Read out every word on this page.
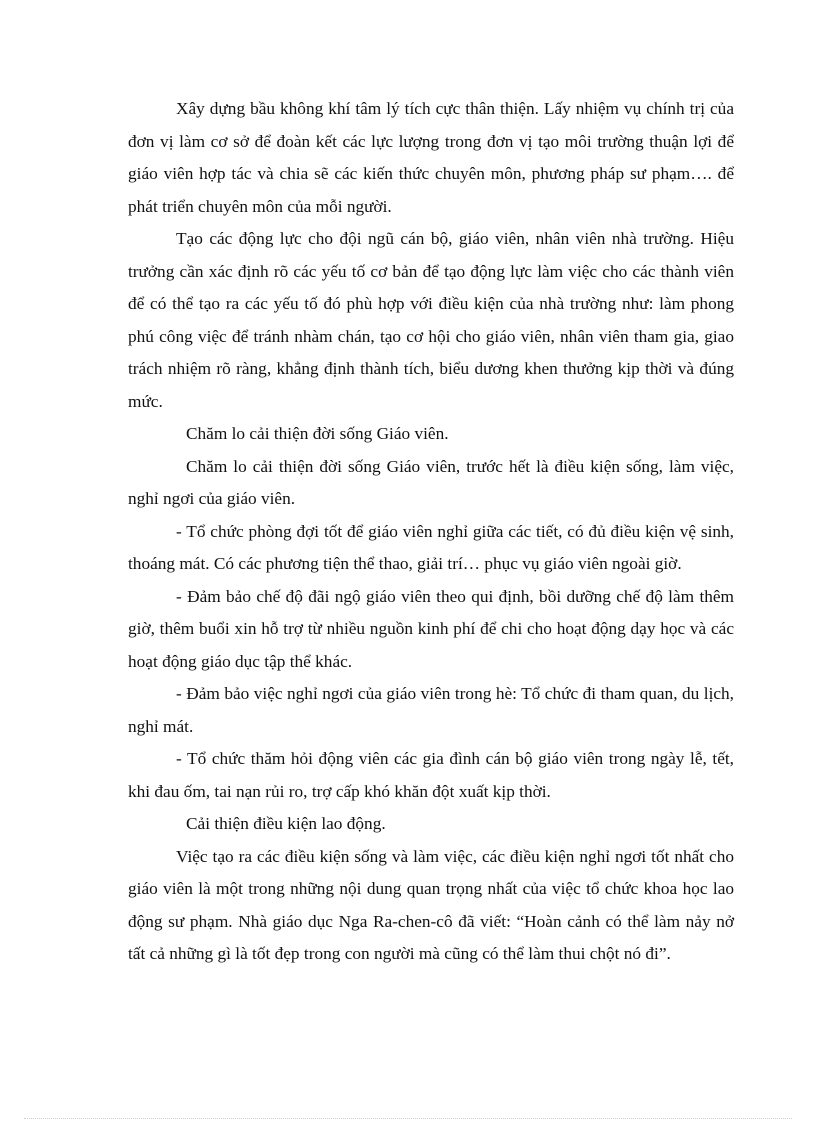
Xây dựng bầu không khí tâm lý tích cực thân thiện. Lấy nhiệm vụ chính trị của đơn vị làm cơ sở để đoàn kết các lực lượng trong đơn vị tạo môi trường thuận lợi để giáo viên hợp tác và chia sẽ các kiến thức chuyên môn, phương pháp sư phạm…. để phát triển chuyên môn của mỗi người.

Tạo các động lực cho đội ngũ cán bộ, giáo viên, nhân viên nhà trường. Hiệu trưởng cần xác định rõ các yếu tố cơ bản để tạo động lực làm việc cho các thành viên để có thể tạo ra các yếu tố đó phù hợp với điều kiện của nhà trường như: làm phong phú công việc để tránh nhàm chán, tạo cơ hội cho giáo viên, nhân viên tham gia, giao trách nhiệm rõ ràng, khẳng định thành tích, biểu dương khen thưởng kịp thời và đúng mức.

Chăm lo cải thiện đời sống Giáo viên.

Chăm lo cải thiện đời sống Giáo viên, trước hết là điều kiện sống, làm việc, nghỉ ngơi của giáo viên.

- Tổ chức phòng đợi tốt để giáo viên nghỉ giữa các tiết, có đủ điều kiện vệ sinh, thoáng mát. Có các phương tiện thể thao, giải trí… phục vụ giáo viên ngoài giờ.

- Đảm bảo chế độ đãi ngộ giáo viên theo qui định, bồi dưỡng chế độ làm thêm giờ, thêm buổi xin hỗ trợ từ nhiều nguồn kinh phí để chi cho hoạt động dạy học và các hoạt động giáo dục tập thể khác.

- Đảm bảo việc nghỉ ngơi của giáo viên trong hè: Tổ chức đi tham quan, du lịch, nghỉ mát.

- Tổ chức thăm hỏi động viên các gia đình cán bộ giáo viên trong ngày lễ, tết, khi đau ốm, tai nạn rủi ro, trợ cấp khó khăn đột xuất kịp thời.

Cải thiện điều kiện lao động.

Việc tạo ra các điều kiện sống và làm việc, các điều kiện nghỉ ngơi tốt nhất cho giáo viên là một trong những nội dung quan trọng nhất của việc tổ chức khoa học lao động sư phạm. Nhà giáo dục Nga Ra-chen-cô đã viết: “Hoàn cảnh có thể làm nảy nở tất cả những gì là tốt đẹp trong con người mà cũng có thể làm thui chột nó đi”.
